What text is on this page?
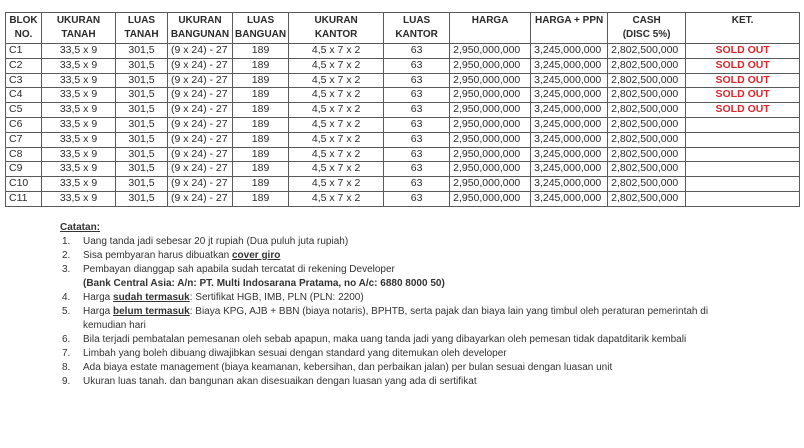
BLOK
NO.

UKURAN
TANAH

LUAS
TANAH

UKURAN
BANGUNAN

LUAS
BANGUAN

UKURAN
KANTOR

LUAS
KANTOR

HARGA	HARGA + PPN	CASH
(DISC 5%)

KET.

C1	33,5 x 9	301,5	(9 x 24) - 27	189	4,5 x 7 x 2	63	2,950,000,000	3,245,000,000	2,802,500,000	SOLD OUT
C2	33,5 x 9	301,5	(9 x 24) - 27	189	4,5 x 7 x 2	63	2,950,000,000	3,245,000,000	2,802,500,000	SOLD OUT
C3	33,5 x 9	301,5	(9 x 24) - 27	189	4,5 x 7 x 2	63	2,950,000,000	3,245,000,000	2,802,500,000	SOLD OUT
C4	33,5 x 9	301,5	(9 x 24) - 27	189	4,5 x 7 x 2	63	2,950,000,000	3,245,000,000	2,802,500,000	SOLD OUT
C5	33,5 x 9	301,5	(9 x 24) - 27	189	4,5 x 7 x 2	63	2,950,000,000	3,245,000,000	2,802,500,000	SOLD OUT
C6	33,5 x 9	301,5	(9 x 24) - 27	189	4,5 x 7 x 2	63	2,950,000,000	3,245,000,000	2,802,500,000	
C7	33,5 x 9	301,5	(9 x 24) - 27	189	4,5 x 7 x 2	63	2,950,000,000	3,245,000,000	2,802,500,000	
C8	33,5 x 9	301,5	(9 x 24) - 27	189	4,5 x 7 x 2	63	2,950,000,000	3,245,000,000	2,802,500,000	
C9	33,5 x 9	301,5	(9 x 24) - 27	189	4,5 x 7 x 2	63	2,950,000,000	3,245,000,000	2,802,500,000	
C10	33,5 x 9	301,5	(9 x 24) - 27	189	4,5 x 7 x 2	63	2,950,000,000	3,245,000,000	2,802,500,000	
C11	33,5 x 9	301,5	(9 x 24) - 27	189	4,5 x 7 x 2	63	2,950,000,000	3,245,000,000	2,802,500,000	
Catatan:
1.	Uang tanda jadi sebesar 20 jt rupiah (Dua puluh juta rupiah)
2.	Sisa pembyaran harus dibuatkan cover giro
3.	Pembayan dianggap sah apabila sudah tercatat di rekening Developer
(Bank Central Asia: A/n: PT. Multi Indosarana Pratama, no A/c: 6880 8000 50)
4.	Harga sudah termasuk: Sertifikat HGB, IMB, PLN (PLN: 2200)
5.	Harga belum termasuk: Biaya KPG, AJB + BBN (biaya notaris), BPHTB, serta pajak dan biaya lain yang timbul oleh peraturan pemerintah di
kemudian hari
6.	Bila terjadi pembatalan pemesanan oleh sebab apapun, maka uang tanda jadi yang dibayarkan oleh pemesan tidak dapatditarik kembali
7.	Limbah yang boleh dibuang diwajibkan sesuai dengan standard yang ditemukan oleh developer
8.	Ada biaya estate management (biaya keamanan, kebersihan, dan perbaikan jalan) per bulan sesuai dengan luasan unit
9.	Ukuran luas tanah. dan bangunan akan disesuaikan dengan luasan yang ada di sertifikat
